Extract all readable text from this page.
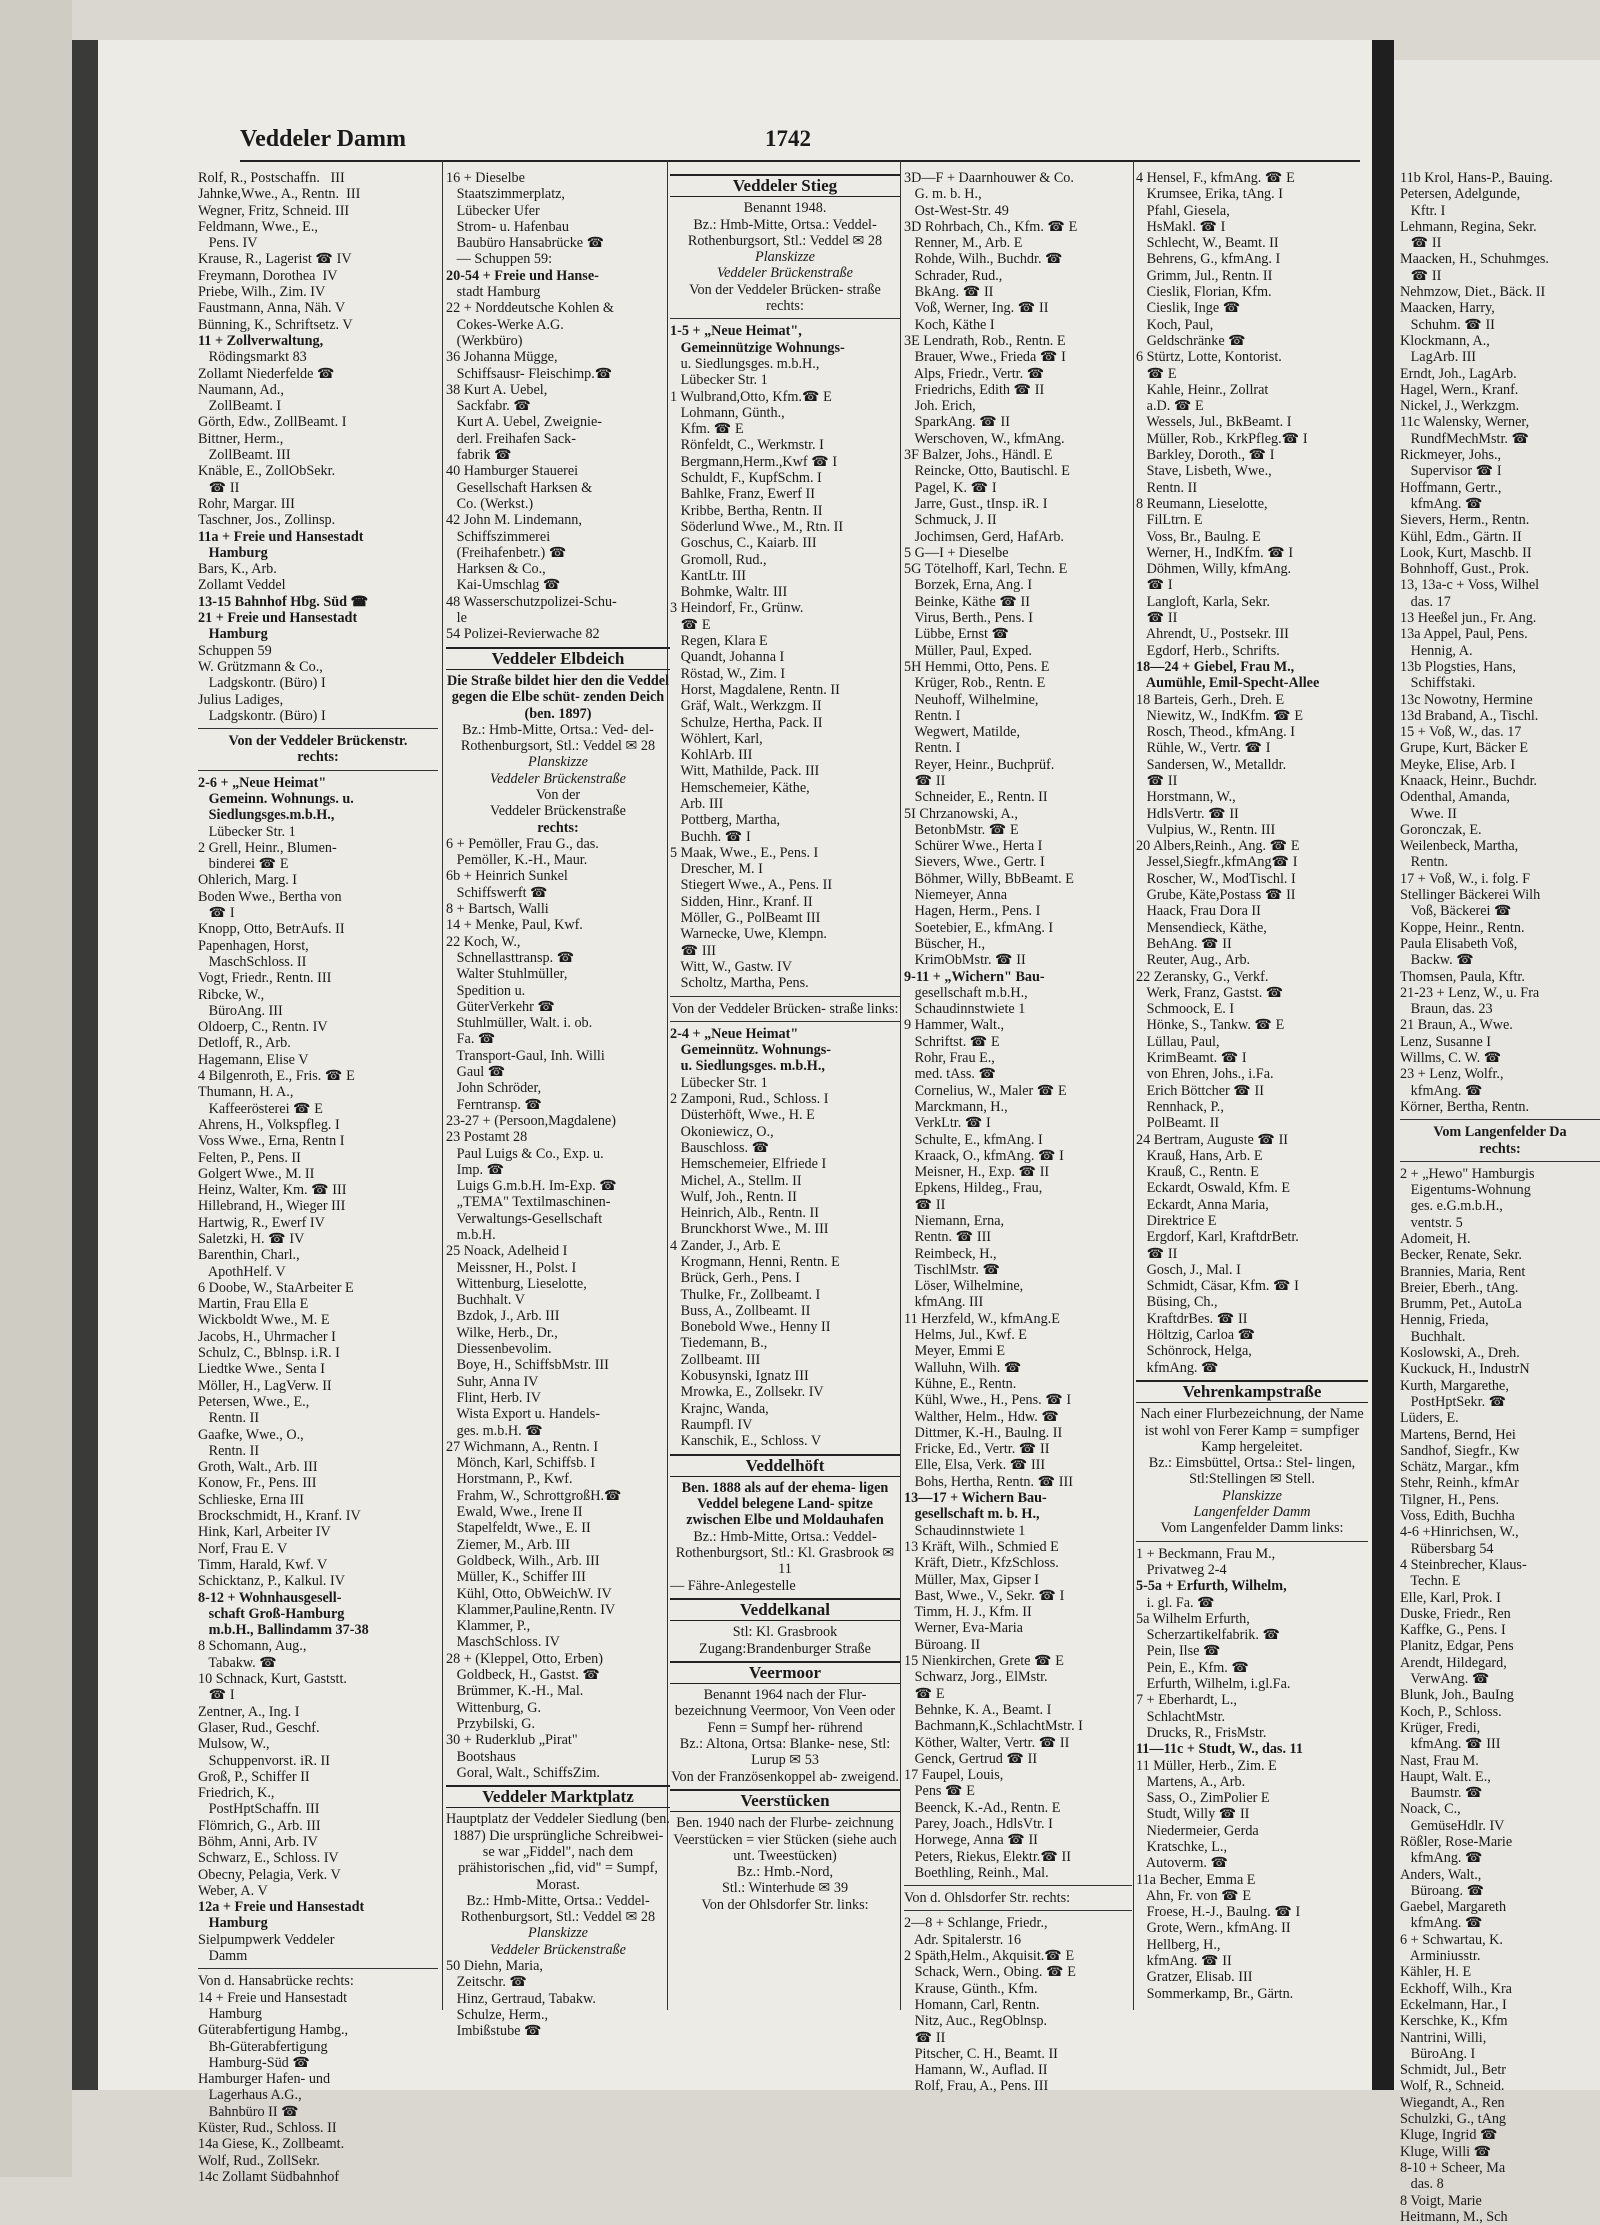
Veddeler Damm	1742
Rolf, R., Postschaffn.   III
Jahnke,Wwe., A., Rentn.  III
Wegner, Fritz, Schneid. III
Feldmann, Wwe., E.,
Pens. IV
Krause, R., Lagerist ☎ IV
Freymann, Dorothea  IV
Priebe, Wilh., Zim. IV
Faustmann, Anna, Näh. V
Bünning, K., Schriftsetz. V
11 + Zollverwaltung,
Rödingsmarkt 83
Zollamt Niederfelde ☎
Naumann, Ad.,
ZollBeamt. I
Görth, Edw., ZollBeamt. I
Bittner, Herm.,
ZollBeamt. III
Knäble, E., ZollObSekr.
☎ II
Rohr, Margar. III
Taschner, Jos., Zollinsp.
11a + Freie und Hansestadt
Hamburg
Bars, K., Arb.
Zollamt Veddel
13-15 Bahnhof Hbg. Süd ☎
21 + Freie und Hansestadt
Hamburg
Schuppen 59
W. Grützmann & Co.,
Ladgskontr. (Büro) I
Julius Ladiges,
Ladgskontr. (Büro) I
Von der Veddeler Brückenstr.
rechts:
2-6 + „Neue Heimat"
Gemeinn. Wohnungs. u.
Siedlungsges.m.b.H.,
Lübecker Str. 1
2 Grell, Heinr., Blumen-
binderei ☎ E
Ohlerich, Marg. I
Boden Wwe., Bertha von
☎ I
Knopp, Otto, BetrAufs. II
Papenhagen, Horst,
MaschSchloss. II
Vogt, Friedr., Rentn. III
Ribcke, W.,
BüroAng. III
Oldoerp, C., Rentn. IV
Detloff, R., Arb.
Hagemann, Elise V
4 Bilgenroth, E., Fris. ☎ E
Thumann, H. A.,
Kaffeerösterei ☎ E
Ahrens, H., Volkspfleg. I
Voss Wwe., Erna, Rentn I
Felten, P., Pens. II
Golgert Wwe., M. II
Heinz, Walter, Km. ☎ III
Hillebrand, H., Wieger III
Hartwig, R., Ewerf IV
Saletzki, H. ☎ IV
Barenthin, Charl.,
ApothHelf. V
6 Doobe, W., StaArbeiter E
Martin, Frau Ella E
Wickboldt Wwe., M. E
Jacobs, H., Uhrmacher I
Schulz, C., Bblnsp. i.R. I
Liedtke Wwe., Senta I
Möller, H., LagVerw. II
Petersen, Wwe., E.,
Rentn. II
Gaafke, Wwe., O.,
Rentn. II
Groth, Walt., Arb. III
Konow, Fr., Pens. III
Schlieske, Erna III
Brockschmidt, H., Kranf. IV
Hink, Karl, Arbeiter IV
Norf, Frau E. V
Timm, Harald, Kwf. V
Schicktanz, P., Kalkul. IV
8-12 + Wohnhausgesell-
schaft Groß-Hamburg
m.b.H., Ballindamm 37-38
8 Schomann, Aug.,
Tabakw. ☎
10 Schnack, Kurt, Gaststt.
☎ I
Zentner, A., Ing. I
Glaser, Rud., Geschf.
Mulsow, W.,
Schuppenvorst. iR. II
Groß, P., Schiffer II
Friedrich, K.,
PostHptSchaffn. III
Flömrich, G., Arb. III
Böhm, Anni, Arb. IV
Schwarz, E., Schloss. IV
Obecny, Pelagia, Verk. V
Weber, A. V
12a + Freie und Hansestadt
Hamburg
Sielpumpwerk Veddeler
Damm
Von d. Hansabrücke rechts:
14 + Freie und Hansestadt
Hamburg
Güterabfertigung Hambg.,
Bh-Güterabfertigung
Hamburg-Süd ☎
Hamburger Hafen- und
Lagerhaus A.G.,
Bahnbüro II ☎
Küster, Rud., Schloss. II
14a Giese, K., Zollbeamt.
Wolf, Rud., ZollSekr.
14c Zollamt Südbahnhof
16 + Dieselbe
Staatszimmerplatz,
Lübecker Ufer
Strom- u. Hafenbau
Baubüro Hansabrücke ☎
— Schuppen 59:
20-54 + Freie und Hanse-
stadt Hamburg
22 + Norddeutsche Kohlen &
Cokes-Werke A.G.
(Werkbüro)
36 Johanna Mügge,
Schiffsausr- Fleischimp.☎
38 Kurt A. Uebel,
Sackfabr. ☎
Kurt A. Uebel, Zweignie-
derl. Freihafen Sack-
fabrik ☎
40 Hamburger Stauerei
Gesellschaft Harksen &
Co. (Werkst.)
42 John M. Lindemann,
Schiffszimmerei
(Freihafenbetr.) ☎
Harksen & Co.,
Kai-Umschlag ☎
48 Wasserschutzpolizei-Schu-
le
54 Polizei-Revierwache 82
Veddeler Elbdeich
Die Straße bildet hier den die Veddel gegen die Elbe schüt- zenden Deich (ben. 1897)
Bz.: Hmb-Mitte, Ortsa.: Ved- del-Rothenburgsort, Stl.: Veddel ✉ 28
Planskizze
Veddeler Brückenstraße
Von der
Veddeler Brückenstraße
rechts:
6 + Pemöller, Frau G., das.
Pemöller, K.-H., Maur.
6b + Heinrich Sunkel
Schiffswerft ☎
8 + Bartsch, Walli
14 + Menke, Paul, Kwf.
22 Koch, W.,
Schnellasttransp. ☎
Walter Stuhlmüller,
Spedition u.
GüterVerkehr ☎
Stuhlmüller, Walt. i. ob.
Fa. ☎
Transport-Gaul, Inh. Willi
Gaul ☎
John Schröder,
Ferntransp. ☎
23-27 + (Persoon,Magdalene)
23 Postamt 28
Paul Luigs & Co., Exp. u.
Imp. ☎
Luigs G.m.b.H. Im-Exp. ☎
„TEMA" Textilmaschinen-
Verwaltungs-Gesellschaft
m.b.H.
25 Noack, Adelheid I
Meissner, H., Polst. I
Wittenburg, Lieselotte,
Buchhalt. V
Bzdok, J., Arb. III
Wilke, Herb., Dr.,
Diessenbevolim.
Boye, H., SchiffsbMstr. III
Suhr, Anna IV
Flint, Herb. IV
Wista Export u. Handels-
ges. m.b.H. ☎
27 Wichmann, A., Rentn. I
Mönch, Karl, Schiffsb. I
Horstmann, P., Kwf.
Frahm, W., SchrottgroßH.☎
Ewald, Wwe., Irene II
Stapelfeldt, Wwe., E. II
Ziemer, M., Arb. III
Goldbeck, Wilh., Arb. III
Müller, K., Schiffer III
Kühl, Otto, ObWeichW. IV
Klammer,Pauline,Rentn. IV
Klammer, P.,
MaschSchloss. IV
28 + (Kleppel, Otto, Erben)
Goldbeck, H., Gastst. ☎
Brümmer, K.-H., Mal.
Wittenburg, G.
Przybilski, G.
30 + Ruderklub „Pirat"
Bootshaus
Goral, Walt., SchiffsZim.
Veddeler Marktplatz
Hauptplatz der Veddeler Siedlung (ben. 1887) Die ursprüngliche Schreibwei- se war „Fiddel", nach dem prähistorischen „fid, vid" = Sumpf, Morast.
Bz.: Hmb-Mitte, Ortsa.: Veddel-Rothenburgsort, Stl.: Veddel ✉ 28
Planskizze
Veddeler Brückenstraße
50 Diehn, Maria,
Zeitschr. ☎
Hinz, Gertraud, Tabakw.
Schulze, Herm.,
Imbißstube ☎
Veddeler Stieg
Benannt 1948.
Bz.: Hmb-Mitte, Ortsa.: Veddel-Rothenburgsort, Stl.: Veddel ✉ 28
Planskizze
Veddeler Brückenstraße
Von der Veddeler Brücken- straße rechts:
1-5 + „Neue Heimat",
Gemeinnützige Wohnungs-
u. Siedlungsges. m.b.H.,
Lübecker Str. 1
1 Wulbrand,Otto, Kfm.☎ E
Lohmann, Günth.,
Kfm. ☎ E
Rönfeldt, C., Werkmstr. I
Bergmann,Herm.,Kwf ☎ I
Schuldt, F., KupfSchm. I
Bahlke, Franz, Ewerf II
Kribbe, Bertha, Rentn. II
Söderlund Wwe., M., Rtn. II
Goschus, C., Kaiarb. III
Gromoll, Rud.,
KantLtr. III
Bohmke, Waltr. III
3 Heindorf, Fr., Grünw.
☎ E
Regen, Klara E
Quandt, Johanna I
Röstad, W., Zim. I
Horst, Magdalene, Rentn. II
Gräf, Walt., Werkzgm. II
Schulze, Hertha, Pack. II
Wöhlert, Karl,
KohlArb. III
Witt, Mathilde, Pack. III
Hemschemeier, Käthe,
Arb. III
Pottberg, Martha,
Buchh. ☎ I
5 Maak, Wwe., E., Pens. I
Drescher, M. I
Stiegert Wwe., A., Pens. II
Sidden, Hinr., Kranf. II
Möller, G., PolBeamt III
Warnecke, Uwe, Klempn.
☎ III
Witt, W., Gastw. IV
Scholtz, Martha, Pens.
Von der Veddeler Brücken- straße links:
2-4 + „Neue Heimat"
Gemeinnütz. Wohnungs-
u. Siedlungsges. m.b.H.,
Lübecker Str. 1
2 Zamponi, Rud., Schloss. I
Düsterhöft, Wwe., H. E
Okoniewicz, O.,
Bauschloss. ☎
Hemschemeier, Elfriede I
Michel, A., Stellm. II
Wulf, Joh., Rentn. II
Heinrich, Alb., Rentn. II
Brunckhorst Wwe., M. III
4 Zander, J., Arb. E
Krogmann, Henni, Rentn. E
Brück, Gerh., Pens. I
Thulke, Fr., Zollbeamt. I
Buss, A., Zollbeamt. II
Bonebold Wwe., Henny II
Tiedemann, B.,
Zollbeamt. III
Kobusynski, Ignatz III
Mrowka, E., Zollsekr. IV
Krajnc, Wanda,
Raumpfl. IV
Kanschik, E., Schloss. V
Veddelhöft
Ben. 1888 als auf der ehema- ligen Veddel belegene Land- spitze zwischen Elbe und Moldauhafen
Bz.: Hmb-Mitte, Ortsa.: Veddel-Rothenburgsort, Stl.: Kl. Grasbrook ✉ 11
— Fähre-Anlegestelle
Veddelkanal
Stl: Kl. Grasbrook
Zugang:Brandenburger Straße
Veermoor
Benannt 1964 nach der Flur- bezeichnung Veermoor, Von Veen oder Fenn = Sumpf her- rührend
Bz.: Altona, Ortsa: Blanke- nese, Stl: Lurup ✉ 53
Von der Französenkoppel ab- zweigend.
Veerstücken
Ben. 1940 nach der Flurbe- zeichnung Veerstücken = vier Stücken (siehe auch unt. Tweestücken)
Bz.: Hmb.-Nord,
Stl.: Winterhude ✉ 39
Von der Ohlsdorfer Str. links:
3D—F + Daarnhouwer & Co.
G. m. b. H.,
Ost-West-Str. 49
3D Rohrbach, Ch., Kfm. ☎ E
Renner, M., Arb. E
Rohde, Wilh., Buchdr. ☎
Schrader, Rud.,
BkAng. ☎ II
Voß, Werner, Ing. ☎ II
Koch, Käthe I
3E Lendrath, Rob., Rentn. E
Brauer, Wwe., Frieda ☎ I
Alps, Friedr., Vertr. ☎
Friedrichs, Edith ☎ II
Joh. Erich,
SparkAng. ☎ II
Werschoven, W., kfmAng.
3F Balzer, Johs., Händl. E
Reincke, Otto, Bautischl. E
Pagel, K. ☎ I
Jarre, Gust., tInsp. iR. I
Schmuck, J. II
Jochimsen, Gerd, HafArb.
5 G—I + Dieselbe
5G Tötelhoff, Karl, Techn. E
Borzek, Erna, Ang. I
Beinke, Käthe ☎ II
Virus, Berth., Pens. I
Lübbe, Ernst ☎
Müller, Paul, Exped.
5H Hemmi, Otto, Pens. E
Krüger, Rob., Rentn. E
Neuhoff, Wilhelmine,
Rentn. I
Wegwert, Matilde,
Rentn. I
Reyer, Heinr., Buchprüf.
☎ II
Schneider, E., Rentn. II
5I Chrzanowski, A.,
BetonbMstr. ☎ E
Schürer Wwe., Herta I
Sievers, Wwe., Gertr. I
Böhmer, Willy, BbBeamt. E
Niemeyer, Anna
Hagen, Herm., Pens. I
Soetebier, E., kfmAng. I
Büscher, H.,
KrimObMstr. ☎ II
9-11 + „Wichern" Bau-
gesellschaft m.b.H.,
Schaudinnstwiete 1
9 Hammer, Walt.,
Schriftst. ☎ E
Rohr, Frau E.,
med. tAss. ☎
Cornelius, W., Maler ☎ E
Marckmann, H.,
VerkLtr. ☎ I
Schulte, E., kfmAng. I
Kraack, O., kfmAng. ☎ I
Meisner, H., Exp. ☎ II
Epkens, Hildeg., Frau,
☎ II
Niemann, Erna,
Rentn. ☎ III
Reimbeck, H.,
TischlMstr. ☎
Löser, Wilhelmine,
kfmAng. III
11 Herzfeld, W., kfmAng.E
Helms, Jul., Kwf. E
Meyer, Emmi E
Walluhn, Wilh. ☎
Kühne, E., Rentn.
Kühl, Wwe., H., Pens. ☎ I
Walther, Helm., Hdw. ☎
Dittmer, K.-H., Baulng. II
Fricke, Ed., Vertr. ☎ II
Elle, Elsa, Verk. ☎ III
Bohs, Hertha, Rentn. ☎ III
13—17 + Wichern Bau-
gesellschaft m. b. H.,
Schaudinnstwiete 1
13 Kräft, Wilh., Schmied E
Kräft, Dietr., KfzSchloss.
Müller, Max, Gipser I
Bast, Wwe., V., Sekr. ☎ I
Timm, H. J., Kfm. II
Werner, Eva-Maria
Büroang. II
15 Nienkirchen, Grete ☎ E
Schwarz, Jorg., ElMstr.
☎ E
Behnke, K. A., Beamt. I
Bachmann,K.,SchlachtMstr. I
Köther, Walter, Vertr. ☎ II
Genck, Gertrud ☎ II
17 Faupel, Louis,
Pens ☎ E
Beenck, K.-Ad., Rentn. E
Parey, Joach., HdlsVtr. I
Horwege, Anna ☎ II
Peters, Riekus, Elektr.☎ II
Boethling, Reinh., Mal.
Von d. Ohlsdorfer Str. rechts:
2—8 + Schlange, Friedr.,
Adr. Spitalerstr. 16
2 Späth,Helm., Akquisit.☎ E
Schack, Wern., Obing. ☎ E
Krause, Günth., Kfm.
Homann, Carl, Rentn.
Nitz, Auc., RegOblnsp.
☎ II
Pitscher, C. H., Beamt. II
Hamann, W., Auflad. II
Rolf, Frau, A., Pens. III
4 Hensel, F., kfmAng. ☎ E
Krumsee, Erika, tAng. I
Pfahl, Giesela,
HsMakl. ☎ I
Schlecht, W., Beamt. II
Behrens, G., kfmAng. I
Grimm, Jul., Rentn. II
Cieslik, Florian, Kfm.
Cieslik, Inge ☎
Koch, Paul,
Geldschränke ☎
6 Stürtz, Lotte, Kontorist.
☎ E
Kahle, Heinr., Zollrat
a.D. ☎ E
Wessels, Jul., BkBeamt. I
Müller, Rob., KrkPfleg.☎ I
Barkley, Doroth., ☎ I
Stave, Lisbeth, Wwe.,
Rentn. II
8 Reumann, Lieselotte,
FilLtrn. E
Voss, Br., Baulng. E
Werner, H., IndKfm. ☎ I
Döhmen, Willy, kfmAng.
☎ I
Langloft, Karla, Sekr.
☎ II
Ahrendt, U., Postsekr. III
Egdorf, Herb., Schrifts.
18—24 + Giebel, Frau M.,
Aumühle, Emil-Specht-Allee
18 Barteis, Gerh., Dreh. E
Niewitz, W., IndKfm. ☎ E
Rosch, Theod., kfmAng. I
Rühle, W., Vertr. ☎ I
Sandersen, W., Metalldr.
☎ II
Horstmann, W.,
HdlsVertr. ☎ II
Vulpius, W., Rentn. III
20 Albers,Reinh., Ang. ☎ E
Jessel,Siegfr.,kfmAng☎ I
Roscher, W., ModTischl. I
Grube, Käte,Postass ☎ II
Haack, Frau Dora II
Mensendieck, Käthe,
BehAng. ☎ II
Reuter, Aug., Arb.
22 Zeransky, G., Verkf.
Werk, Franz, Gastst. ☎
Schmoock, E. I
Hönke, S., Tankw. ☎ E
Lüllau, Paul,
KrimBeamt. ☎ I
von Ehren, Johs., i.Fa.
Erich Böttcher ☎ II
Rennhack, P.,
PolBeamt. II
24 Bertram, Auguste ☎ II
Krauß, Hans, Arb. E
Krauß, C., Rentn. E
Eckardt, Oswald, Kfm. E
Eckardt, Anna Maria,
Direktrice E
Ergdorf, Karl, KraftdrBetr.
☎ II
Gosch, J., Mal. I
Schmidt, Cäsar, Kfm. ☎ I
Büsing, Ch.,
KraftdrBes. ☎ II
Höltzig, Carloa ☎
Schönrock, Helga,
kfmAng. ☎
Vehrenkampstraße
Nach einer Flurbezeichnung, der Name ist wohl von Ferer Kamp = sumpfiger Kamp hergeleitet.
Bz.: Eimsbüttel, Ortsa.: Stel- lingen, Stl:Stellingen ✉ Stell.
Planskizze
Langenfelder Damm
Vom Langenfelder Damm links:
1 + Beckmann, Frau M.,
Privatweg 2-4
5-5a + Erfurth, Wilhelm,
i. gl. Fa. ☎
5a Wilhelm Erfurth,
Scherzartikelfabrik. ☎
Pein, Ilse ☎
Pein, E., Kfm. ☎
Erfurth, Wilhelm, i.gl.Fa.
7 + Eberhardt, L.,
SchlachtMstr.
Drucks, R., FrisMstr.
11—11c + Studt, W., das. 11
11 Müller, Herb., Zim. E
Martens, A., Arb.
Sass, O., ZimPolier E
Studt, Willy ☎ II
Niedermeier, Gerda
Kratschke, L.,
Autoverm. ☎
11a Becher, Emma E
Ahn, Fr. von ☎ E
Froese, H.-J., Baulng. ☎ I
Grote, Wern., kfmAng. II
Hellberg, H.,
kfmAng. ☎ II
Gratzer, Elisab. III
Sommerkamp, Br., Gärtn.
11b Krol, Hans-P., Bauing.
Petersen, Adelgunde,
Kftr. I
Lehmann, Regina, Sekr.
☎ II
Maacken, H., Schuhmges.
☎ II
Nehmzow, Diet., Bäck. II
Maacken, Harry,
Schuhm. ☎ II
Klockmann, A.,
LagArb. III
Erndt, Joh., LagArb.
Hagel, Wern., Kranf.
Nickel, J., Werkzgm.
11c Walensky, Werner,
RundfMechMstr. ☎
Rickmeyer, Johs.,
Supervisor ☎ I
Hoffmann, Gertr.,
kfmAng. ☎
Sievers, Herm., Rentn.
Kühl, Edm., Gärtn. II
Look, Kurt, Maschb. II
Bohnhoff, Gust., Prok.
13, 13a-c + Voss, Wilhel
das. 17
13 Heeßel jun., Fr. Ang.
13a Appel, Paul, Pens.
Hennig, A.
13b Plogsties, Hans,
Schiffstaki.
13c Nowotny, Hermine
13d Braband, A., Tischl.
15 + Voß, W., das. 17
Grupe, Kurt, Bäcker E
Meyke, Elise, Arb. I
Knaack, Heinr., Buchdr.
Odenthal, Amanda,
Wwe. II
Goronczak, E.
Weilenbeck, Martha,
Rentn.
17 + Voß, W., i. folg. F
Stellinger Bäckerei Wilh
Voß, Bäckerei ☎
Koppe, Heinr., Rentn.
Paula Elisabeth Voß,
Backw. ☎
Thomsen, Paula, Kftr.
21-23 + Lenz, W., u. Fra
Braun, das. 23
21 Braun, A., Wwe.
Lenz, Susanne I
Willms, C. W. ☎
23 + Lenz, Wolfr.,
kfmAng. ☎
Körner, Bertha, Rentn.
Vom Langenfelder Da
rechts:
2 + „Hewo" Hamburgis
Eigentums-Wohnung
ges. e.G.m.b.H.,
ventstr. 5
Adomeit, H.
Becker, Renate, Sekr.
Brannies, Maria, Rent
Breier, Eberh., tAng.
Brumm, Pet., AutoLa
Hennig, Frieda,
Buchhalt.
Koslowski, A., Dreh.
Kuckuck, H., IndustrN
Kurth, Margarethe,
PostHptSekr. ☎
Lüders, E.
Martens, Bernd, Hei
Sandhof, Siegfr., Kw
Schätz, Margar., kfm
Stehr, Reinh., kfmAr
Tilgner, H., Pens.
Voss, Edith, Buchha
4-6 +Hinrichsen, W.,
Rübersbarg 54
4 Steinbrecher, Klaus-
Techn. E
Elle, Karl, Prok. I
Duske, Friedr., Ren
Kaffke, G., Pens. I
Planitz, Edgar, Pens
Arendt, Hildegard,
VerwAng. ☎
Blunk, Joh., BauIng
Koch, P., Schloss.
Krüger, Fredi,
kfmAng. ☎ III
Nast, Frau M.
Haupt, Walt. E.,
Baumstr. ☎
Noack, C.,
GemüseHdlr. IV
Rößler, Rose-Marie
kfmAng. ☎
Anders, Walt.,
Büroang. ☎
Gaebel, Margareth
kfmAng. ☎
6 + Schwartau, K.
Arminiusstr.
Kähler, H. E
Eckhoff, Wilh., Kra
Eckelmann, Har., I
Kerschke, K., Kfm
Nantrini, Willi,
BüroAng. I
Schmidt, Jul., Betr
Wolf, R., Schneid.
Wiegandt, A., Ren
Schulzki, G., tAng
Kluge, Ingrid ☎
Kluge, Willi ☎
8-10 + Scheer, Ma
das. 8
8 Voigt, Marie
Heitmann, M., Sch
